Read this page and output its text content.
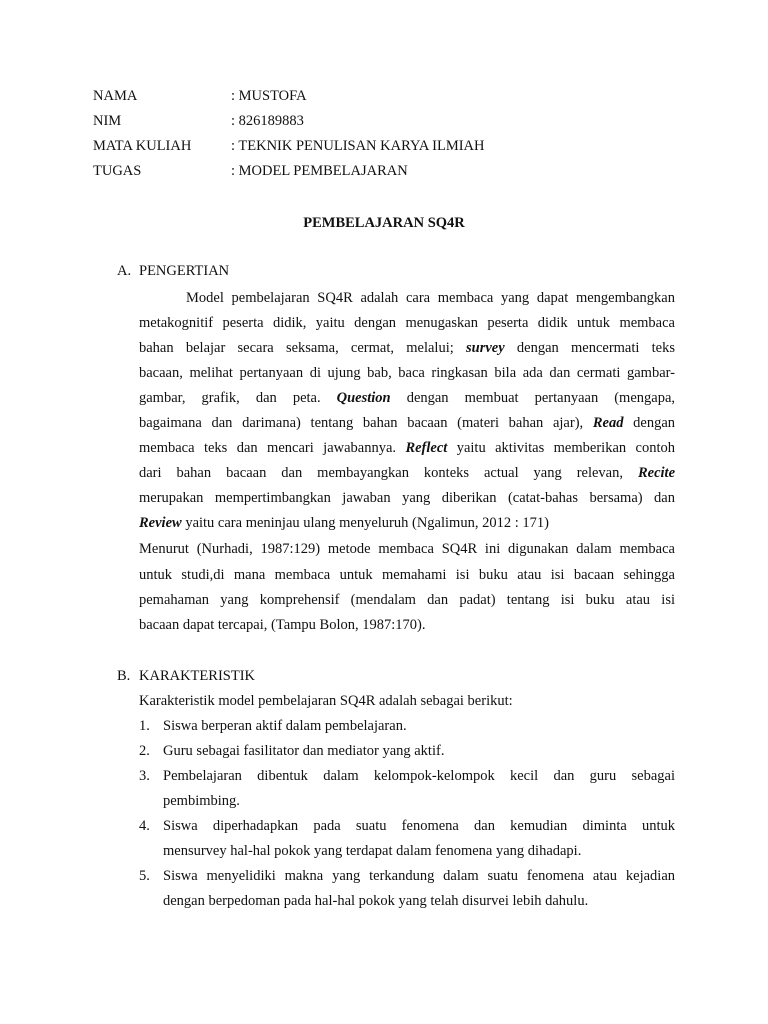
NAMA	: MUSTOFA
NIM	: 826189883
MATA KULIAH	: TEKNIK PENULISAN KARYA ILMIAH
TUGAS	: MODEL PEMBELAJARAN
PEMBELAJARAN SQ4R
A. PENGERTIAN
Model pembelajaran SQ4R adalah cara membaca yang dapat mengembangkan
metakognitif peserta didik, yaitu dengan menugaskan peserta didik untuk membaca
bahan belajar secara seksama, cermat, melalui; survey dengan mencermati teks
bacaan, melihat pertanyaan di ujung bab, baca ringkasan bila ada dan cermati gambar-
gambar, grafik, dan peta. Question dengan membuat pertanyaan (mengapa,
bagaimana dan darimana) tentang bahan bacaan (materi bahan ajar), Read dengan
membaca teks dan mencari jawabannya. Reflect yaitu aktivitas memberikan contoh
dari bahan bacaan dan membayangkan konteks actual yang relevan, Recite
merupakan mempertimbangkan jawaban yang diberikan (catat-bahas bersama) dan
Review yaitu cara meninjau ulang menyeluruh (Ngalimun, 2012 : 171)
Menurut (Nurhadi, 1987:129) metode membaca SQ4R ini digunakan dalam membaca
untuk studi,di mana membaca untuk memahami isi buku atau isi bacaan sehingga
pemahaman yang komprehensif (mendalam dan padat) tentang isi buku atau isi
bacaan dapat tercapai, (Tampu Bolon, 1987:170).
B. KARAKTERISTIK
Karakteristik model pembelajaran SQ4R adalah sebagai berikut:
1. Siswa berperan aktif dalam pembelajaran.
2. Guru sebagai fasilitator dan mediator yang aktif.
3. Pembelajaran dibentuk dalam kelompok-kelompok kecil dan guru sebagai
pembimbing.
4. Siswa diperhadapkan pada suatu fenomena dan kemudian diminta untuk
mensurvey hal-hal pokok yang terdapat dalam fenomena yang dihadapi.
5. Siswa menyelidiki makna yang terkandung dalam suatu fenomena atau kejadian
dengan berpedoman pada hal-hal pokok yang telah disurvei lebih dahulu.
